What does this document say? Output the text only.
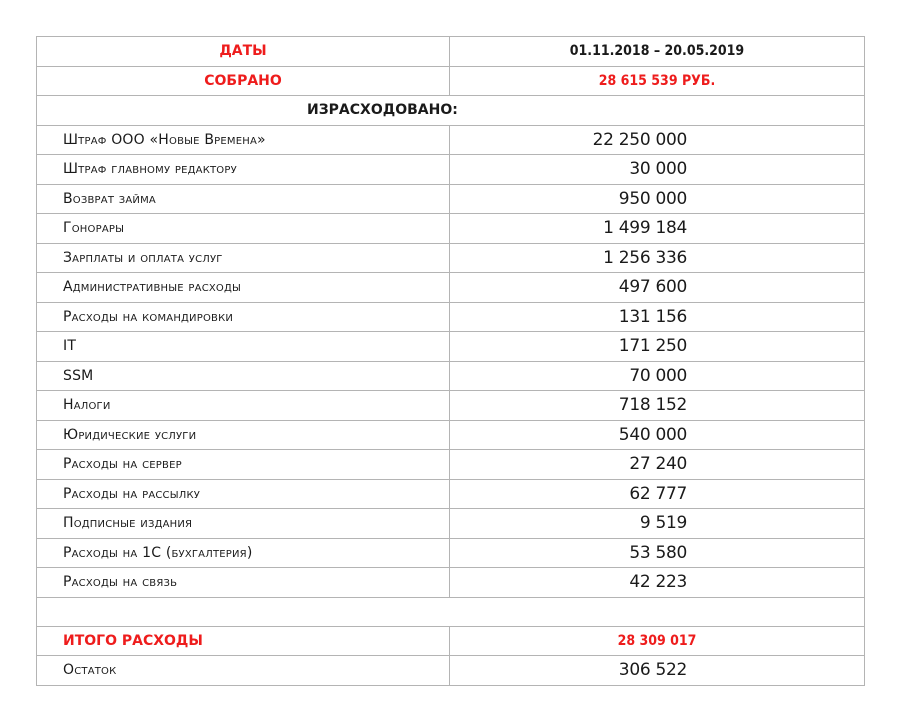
ДАТЫ	01.11.2018 – 20.05.2019
СОБРАНО	28 615 539 РУБ.
ИЗРАСХОДОВАНО:	
Штраф ООО «Новые Времена»	22 250 000
Штраф главному редактору	30 000
Возврат займа	950 000
Гонорары	1 499 184
Зарплаты и оплата услуг	1 256 336
Административные расходы	497 600
Расходы на командировки	131 156
IT	171 250
SSM	70 000
Налоги	718 152
Юридические услуги	540 000
Расходы на сервер	27 240
Расходы на рассылку	62 777
Подписные издания	9 519
Расходы на 1С (бухгалтерия)	53 580
Расходы на связь	42 223

ИТОГО РАСХОДЫ	28 309 017
Остаток	306 522
